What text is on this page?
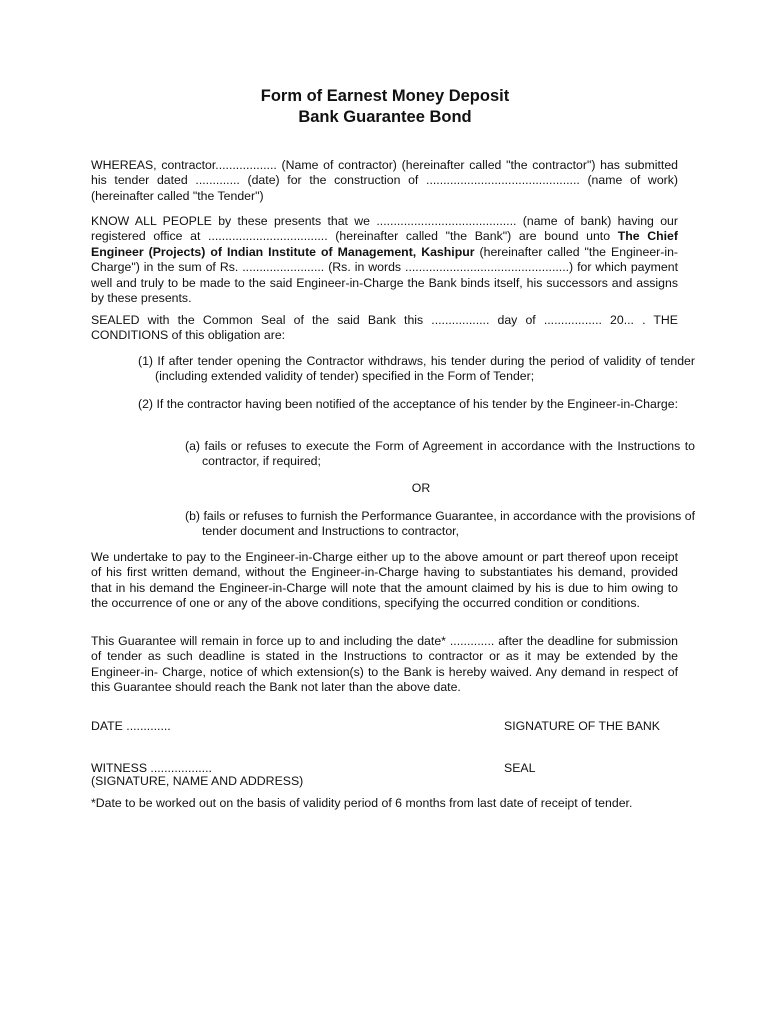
Form of Earnest Money Deposit
Bank Guarantee Bond
WHEREAS, contractor.................. (Name of contractor) (hereinafter called "the contractor") has submitted his tender dated ............. (date) for the construction of ............................................. (name of work) (hereinafter called "the Tender")
KNOW ALL PEOPLE by these presents that we ......................................... (name of bank) having our registered office at ................................... (hereinafter called "the Bank") are bound unto The Chief Engineer (Projects) of Indian Institute of Management, Kashipur (hereinafter called "the Engineer-in-Charge") in the sum of Rs. ........................ (Rs. in words ................................................) for which payment well and truly to be made to the said Engineer-in-Charge the Bank binds itself, his successors and assigns by these presents.
SEALED with the Common Seal of the said Bank this ................. day of ................. 20... . THE CONDITIONS of this obligation are:
(1) If after tender opening the Contractor withdraws, his tender during the period of validity of tender (including extended validity of tender) specified in the Form of Tender;
(2) If the contractor having been notified of the acceptance of his tender by the Engineer-in-Charge:
(a) fails or refuses to execute the Form of Agreement in accordance with the Instructions to contractor, if required;
OR
(b) fails or refuses to furnish the Performance Guarantee, in accordance with the provisions of tender document and Instructions to contractor,
We undertake to pay to the Engineer-in-Charge either up to the above amount or part thereof upon receipt of his first written demand, without the Engineer-in-Charge having to substantiates his demand, provided that in his demand the Engineer-in-Charge will note that the amount claimed by his is due to him owing to the occurrence of one or any of the above conditions, specifying the occurred condition or conditions.
This Guarantee will remain in force up to and including the date* ............. after the deadline for submission of tender as such deadline is stated in the Instructions to contractor or as it may be extended by the Engineer-in- Charge, notice of which extension(s) to the Bank is hereby waived. Any demand in respect of this Guarantee should reach the Bank not later than the above date.
DATE .............	SIGNATURE OF THE BANK
WITNESS ..................	SEAL
(SIGNATURE, NAME AND ADDRESS)
*Date to be worked out on the basis of validity period of 6 months from last date of receipt of tender.
